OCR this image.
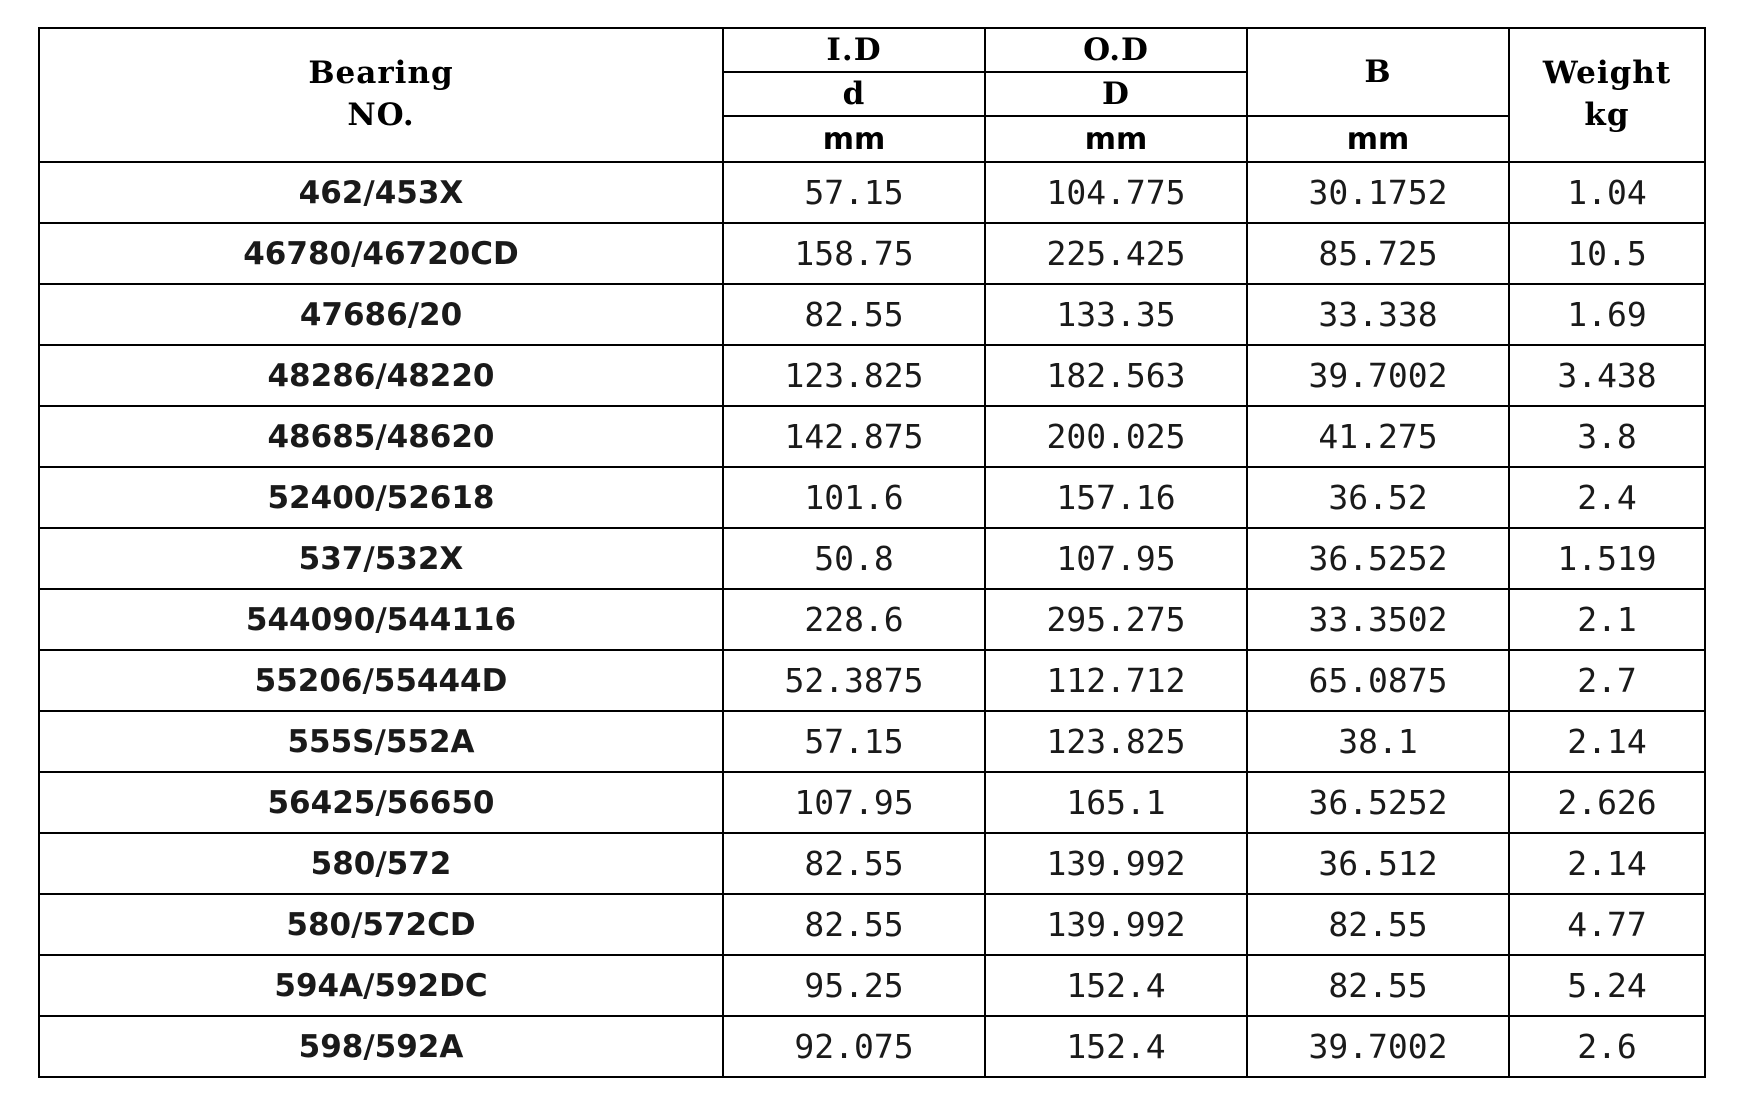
Bearing
NO.	I.D	O.D	B	Weight
kg
	d	D		
	mm	mm	mm	
462/453X	57.15	104.775	30.1752	1.04
46780/46720CD	158.75	225.425	85.725	10.5
47686/20	82.55	133.35	33.338	1.69
48286/48220	123.825	182.563	39.7002	3.438
48685/48620	142.875	200.025	41.275	3.8
52400/52618	101.6	157.16	36.52	2.4
537/532X	50.8	107.95	36.5252	1.519
544090/544116	228.6	295.275	33.3502	2.1
55206/55444D	52.3875	112.712	65.0875	2.7
555S/552A	57.15	123.825	38.1	2.14
56425/56650	107.95	165.1	36.5252	2.626
580/572	82.55	139.992	36.512	2.14
580/572CD	82.55	139.992	82.55	4.77
594A/592DC	95.25	152.4	82.55	5.24
598/592A	92.075	152.4	39.7002	2.6
